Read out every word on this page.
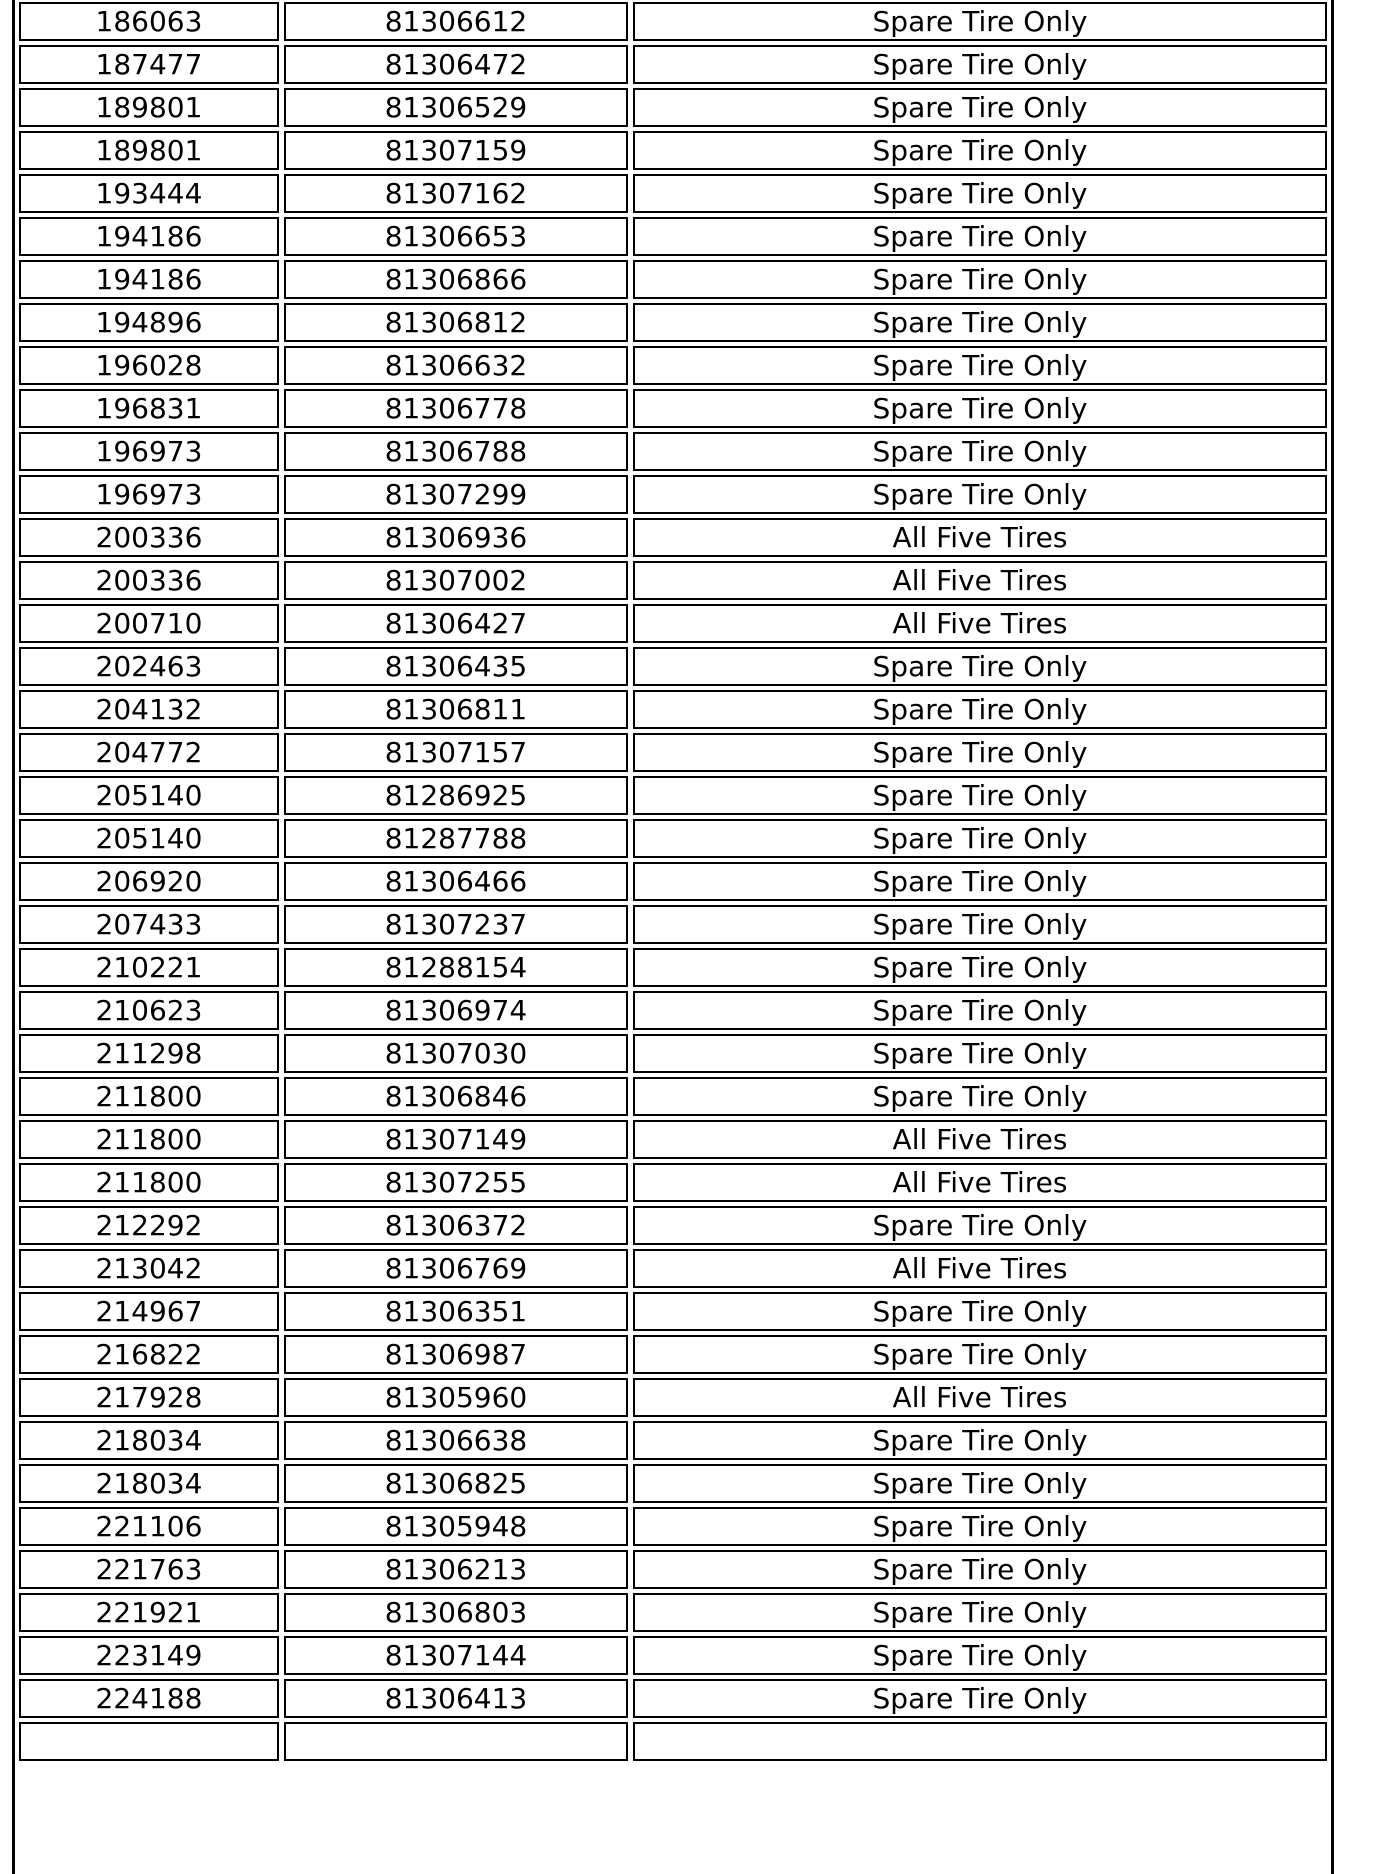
186063	81306612	Spare Tire Only
187477	81306472	Spare Tire Only
189801	81306529	Spare Tire Only
189801	81307159	Spare Tire Only
193444	81307162	Spare Tire Only
194186	81306653	Spare Tire Only
194186	81306866	Spare Tire Only
194896	81306812	Spare Tire Only
196028	81306632	Spare Tire Only
196831	81306778	Spare Tire Only
196973	81306788	Spare Tire Only
196973	81307299	Spare Tire Only
200336	81306936	All Five Tires
200336	81307002	All Five Tires
200710	81306427	All Five Tires
202463	81306435	Spare Tire Only
204132	81306811	Spare Tire Only
204772	81307157	Spare Tire Only
205140	81286925	Spare Tire Only
205140	81287788	Spare Tire Only
206920	81306466	Spare Tire Only
207433	81307237	Spare Tire Only
210221	81288154	Spare Tire Only
210623	81306974	Spare Tire Only
211298	81307030	Spare Tire Only
211800	81306846	Spare Tire Only
211800	81307149	All Five Tires
211800	81307255	All Five Tires
212292	81306372	Spare Tire Only
213042	81306769	All Five Tires
214967	81306351	Spare Tire Only
216822	81306987	Spare Tire Only
217928	81305960	All Five Tires
218034	81306638	Spare Tire Only
218034	81306825	Spare Tire Only
221106	81305948	Spare Tire Only
221763	81306213	Spare Tire Only
221921	81306803	Spare Tire Only
223149	81307144	Spare Tire Only
224188	81306413	Spare Tire Only
